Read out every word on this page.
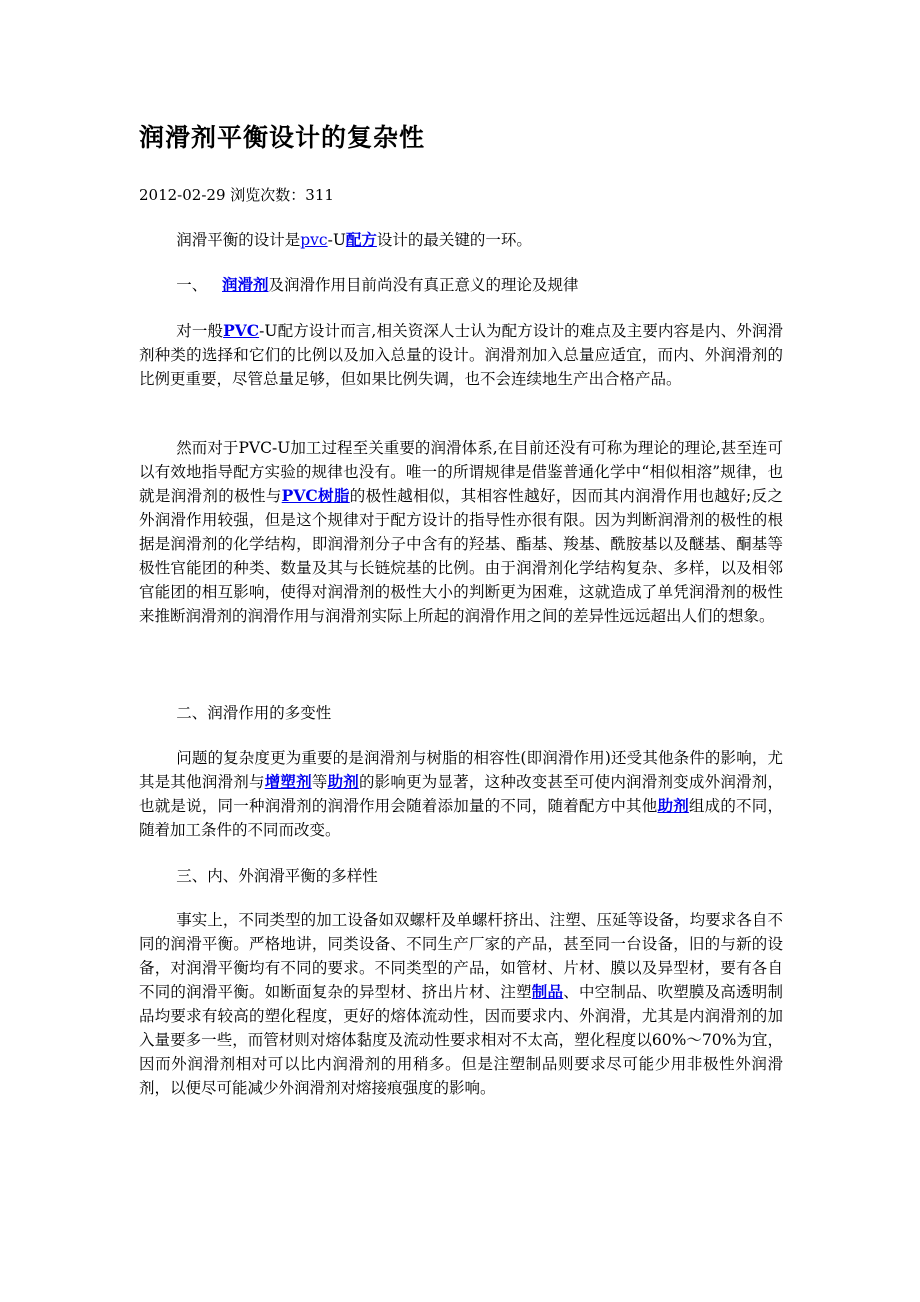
润滑剂平衡设计的复杂性
2012-02-29 浏览次数：311

润滑平衡的设计是pvc-U配方设计的最关键的一环。

一、 润滑剂及润滑作用目前尚没有真正意义的理论及规律

对一般PVC-U配方设计而言,相关资深人士认为配方设计的难点及主要内容是内、外润滑剂种类的选择和它们的比例以及加入总量的设计。润滑剂加入总量应适宜，而内、外润滑剂的比例更重要，尽管总量足够，但如果比例失调，也不会连续地生产出合格产品。

然而对于PVC-U加工过程至关重要的润滑体系,在目前还没有可称为理论的理论,甚至连可以有效地指导配方实验的规律也没有。唯一的所谓规律是借鉴普通化学中“相似相溶”规律，也就是润滑剂的极性与PVC树脂的极性越相似，其相容性越好，因而其内润滑作用也越好;反之外润滑作用较强，但是这个规律对于配方设计的指导性亦很有限。因为判断润滑剂的极性的根据是润滑剂的化学结构，即润滑剂分子中含有的羟基、酯基、羧基、酰胺基以及醚基、酮基等极性官能团的种类、数量及其与长链烷基的比例。由于润滑剂化学结构复杂、多样，以及相邻官能团的相互影响，使得对润滑剂的极性大小的判断更为困难，这就造成了单凭润滑剂的极性来推断润滑剂的润滑作用与润滑剂实际上所起的润滑作用之间的差异性远远超出人们的想象。

二、润滑作用的多变性

问题的复杂度更为重要的是润滑剂与树脂的相容性(即润滑作用)还受其他条件的影响，尤其是其他润滑剂与增塑剂等助剂的影响更为显著，这种改变甚至可使内润滑剂变成外润滑剂，也就是说，同一种润滑剂的润滑作用会随着添加量的不同，随着配方中其他助剂组成的不同，随着加工条件的不同而改变。

三、内、外润滑平衡的多样性

事实上，不同类型的加工设备如双螺杆及单螺杆挤出、注塑、压延等设备，均要求各自不同的润滑平衡。严格地讲，同类设备、不同生产厂家的产品，甚至同一台设备，旧的与新的设备，对润滑平衡均有不同的要求。不同类型的产品，如管材、片材、膜以及异型材，要有各自不同的润滑平衡。如断面复杂的异型材、挤出片材、注塑制品、中空制品、吹塑膜及高透明制品均要求有较高的塑化程度，更好的熔体流动性，因而要求内、外润滑，尤其是内润滑剂的加入量要多一些，而管材则对熔体黏度及流动性要求相对不太高，塑化程度以60%～70%为宜，因而外润滑剂相对可以比内润滑剂的用稍多。但是注塑制品则要求尽可能少用非极性外润滑剂，以便尽可能减少外润滑剂对熔接痕强度的影响。
